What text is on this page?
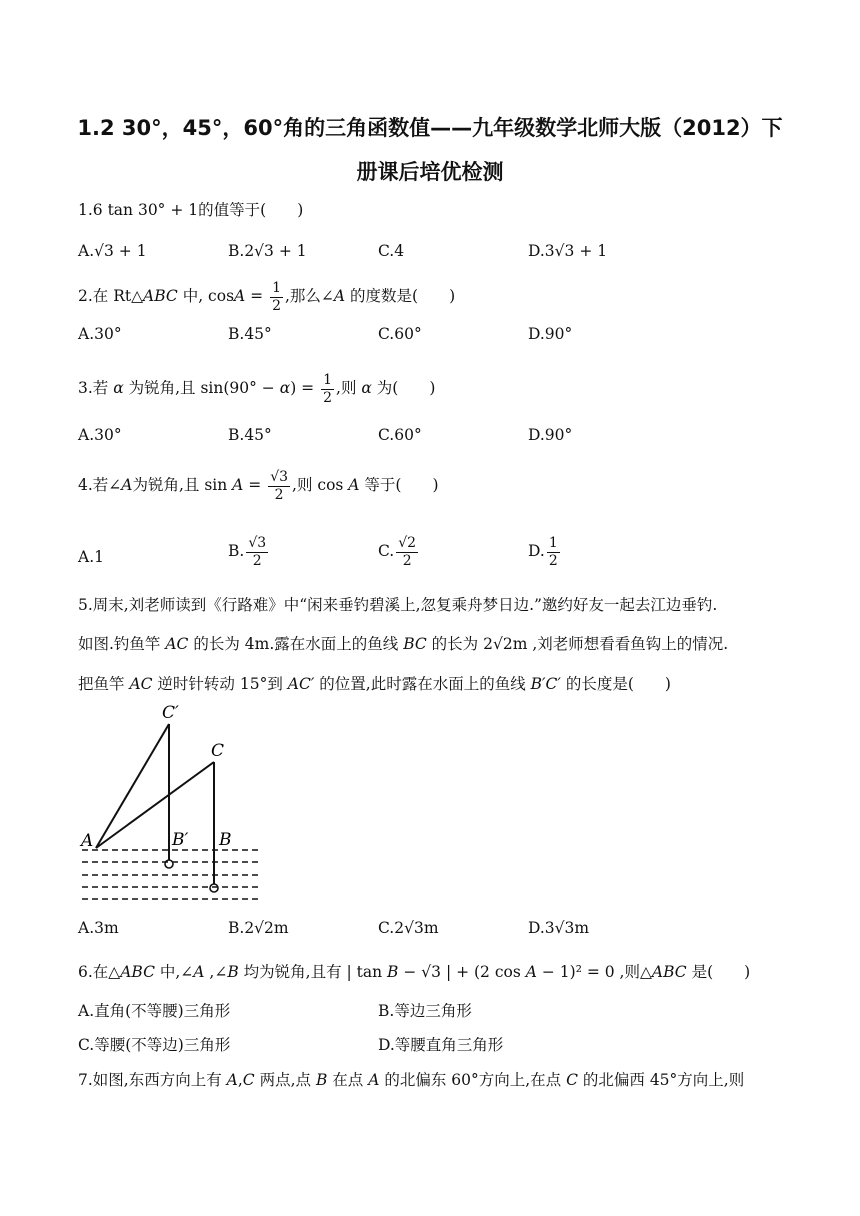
1.2 30°，45°，60°角的三角函数值——九年级数学北师大版（2012）下
册课后培优检测
1.6 tan 30° + 1的值等于(　　)
A.√3 + 1	B.2√3 + 1	C.4	D.3√3 + 1
2.在 Rt△ABC 中, $\cos A = \frac{1}{2}$ ,那么∠A 的度数是(　　)
A.30°	B.45°	C.60°	D.90°
3.若 α 为锐角,且 $\sin(90^\circ - \alpha) = \frac{1}{2}$ ,则 α 为(　　)
A.30°	B.45°	C.60°	D.90°
4.若∠A为锐角,且 $\sin A = \frac{√3}{2}$ ,则 cos A 等于(　　)
A.1	B. $\frac{√3}{2}$	C. $\frac{√2}{2}$	D. $\frac{1}{2}$
5.周末,刘老师读到《行路难》中“闲来垂钓碧溪上,忽复乘舟梦日边.”邀约好友一起去江边垂钓.
如图.钓鱼竿 AC 的长为 4m.露在水面上的鱼线 BC 的长为 2√2m ,刘老师想看看鱼钩上的情况.
把鱼竿 AC 逆时针转动 15°到 AC′ 的位置,此时露在水面上的鱼线 B′C′ 的长度是(　　)
C′
C
A	B′ B
A.3m	B.2√2m	C.2√3m	D.3√3m
6.在△ABC 中,∠A ,∠B 均为锐角,且有 | tan B − √3 | + (2 cos A − 1)² = 0 ,则△ABC 是(　　)
A.直角(不等腰)三角形	B.等边三角形
C.等腰(不等边)三角形	D.等腰直角三角形
7.如图,东西方向上有 A,C 两点,点 B 在点 A 的北偏东 60°方向上,在点 C 的北偏西 45°方向上,则
